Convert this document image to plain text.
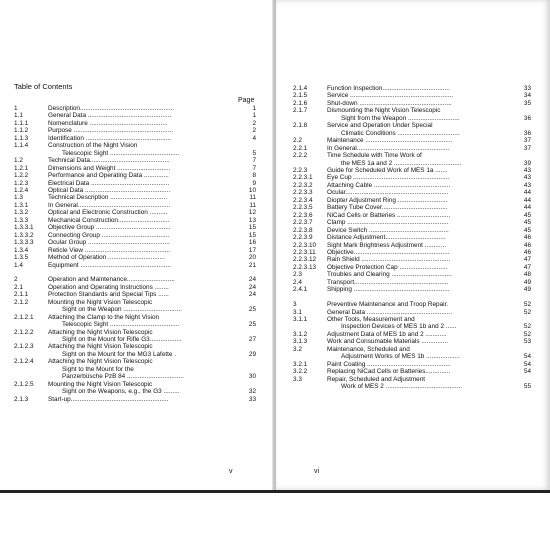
Table of Contents
Page
1	Description.....................................................	1
1.1	General Data ...............................................	1
1.1.1	Nomenclature ............................................	2
1.1.2	Purpose ........................................................	2
1.1.3	Identification ................................................	4
1.1.4	Construction of the Night Vision
Telescopic Sight .......................................	5
1.2	Technical Data.............................................	7
1.2.1	Dimensions and Weight ..............................	7
1.2.2	Performance and Operating Data ..............	8
1.2.3	Electrical Data ............................................	9
1.2.4	Optical Data ................................................	10
1.3	Technical Description ................................	11
1.3.1	In General....................................................	11
1.3.2	Optical and Electronic Construction ..........	12
1.3.3	Mechanical Construction.............................	13
1.3.3.1	Objective Group ..........................................	15
1.3.3.2	Connecting Group ......................................	15
1.3.3.3	Ocular Group ..............................................	16
1.3.4	Reticle View ................................................	17
1.3.5	Method of Operation ................................	20
1.4	Equipment ...................................................	21
2	Operation and Maintenance...........................	24
2.1	Operation and Operating Instructions ........	24
2.1.1	Protection Standards and Special Tips ......	24
2.1.2	Mounting the Night Vision Telescopic
Sight on the Weapon .................................	25
2.1.2.1	Attaching the Clamp to the Night Vision
Telescopic Sight .......................................	25
2.1.2.2	Attaching the Night Vision Telescopic
Sight on the Mount for Rifle G3..................	27
2.1.2.3	Attaching the Night Vision Telescopic
Sight on the Mount for the MG3 Lafette .	29
2.1.2.4	Attaching the Night Vision Telescopic
Sight to the Mount for the
Panzerbüsche PzB 84 ................................	30
2.1.2.5	Mounting the Night Vision Telescopic
Sight on the Weapons, e.g., the G3 .........	32
2.1.3	Start-up.......................................................	33
v
2.1.4	Function Inspection......................................	33
2.1.5	Service ..........................................................	34
2.1.6	Shut-down ....................................................	35
2.1.7	Dismounting the Night Vision Telescopic
Sight from the Weapon .............................	36
2.1.8	Service and Operation Under Special
Climatic Conditions ...................................	36
2.2	Maintenance .................................................	37
2.2.1	In General....................................................	37
2.2.2	Time Schedule with Time Work of
the MES 1a and 2 ......................................	39
2.2.3	Guide for Scheduled Work of MES 1a .......	43
2.2.3.1	Eye Cup ......................................................	43
2.2.3.2	Attaching Cable ...........................................	43
2.2.3.3	Ocular..........................................................	44
2.2.3.4	Diopter Adjustment Ring ............................	44
2.2.3.5	Battery Tube Cover.....................................	44
2.2.3.6	NiCad Cells or Batteries ..............................	45
2.2.3.7	Clamp .........................................................	45
2.2.3.8	Device Switch .............................................	45
2.2.3.9	Distance Adjustment..................................	46
2.2.3.10	Sight Mark Brightness Adjustment ............	46
2.2.3.11	Objective......................................................	46
2.2.3.12	Rain Shield ..................................................	47
2.2.3.13	Objective Protection Cap ...........................	47
2.3	Troubles and Clearing ..................................	48
2.4	Transport.....................................................	49
2.4.1	Shipping ......................................................	49
3	Preventive Maintenance and Troop Repair.	52
3.1	General Data ................................................	52
3.1.1	Other Tools, Measurement and
Inspection Devices of MES 1b and 2 ......	52
3.1.2	Adjustment Data of MES 1b and 2 ............	52
3.1.3	Work and Consumable Materials ...............	53
3.2	Maintenance, Scheduled and
Adjustment Works of MES 1b ...................	54
3.2.1	Paint Coating ...............................................	54
3.2.2	Replacing NiCad Cells or Batteries..............	54
3.3	Repair, Scheduled and Adjustment
Work of MES 2 ...........................................	55
vi
